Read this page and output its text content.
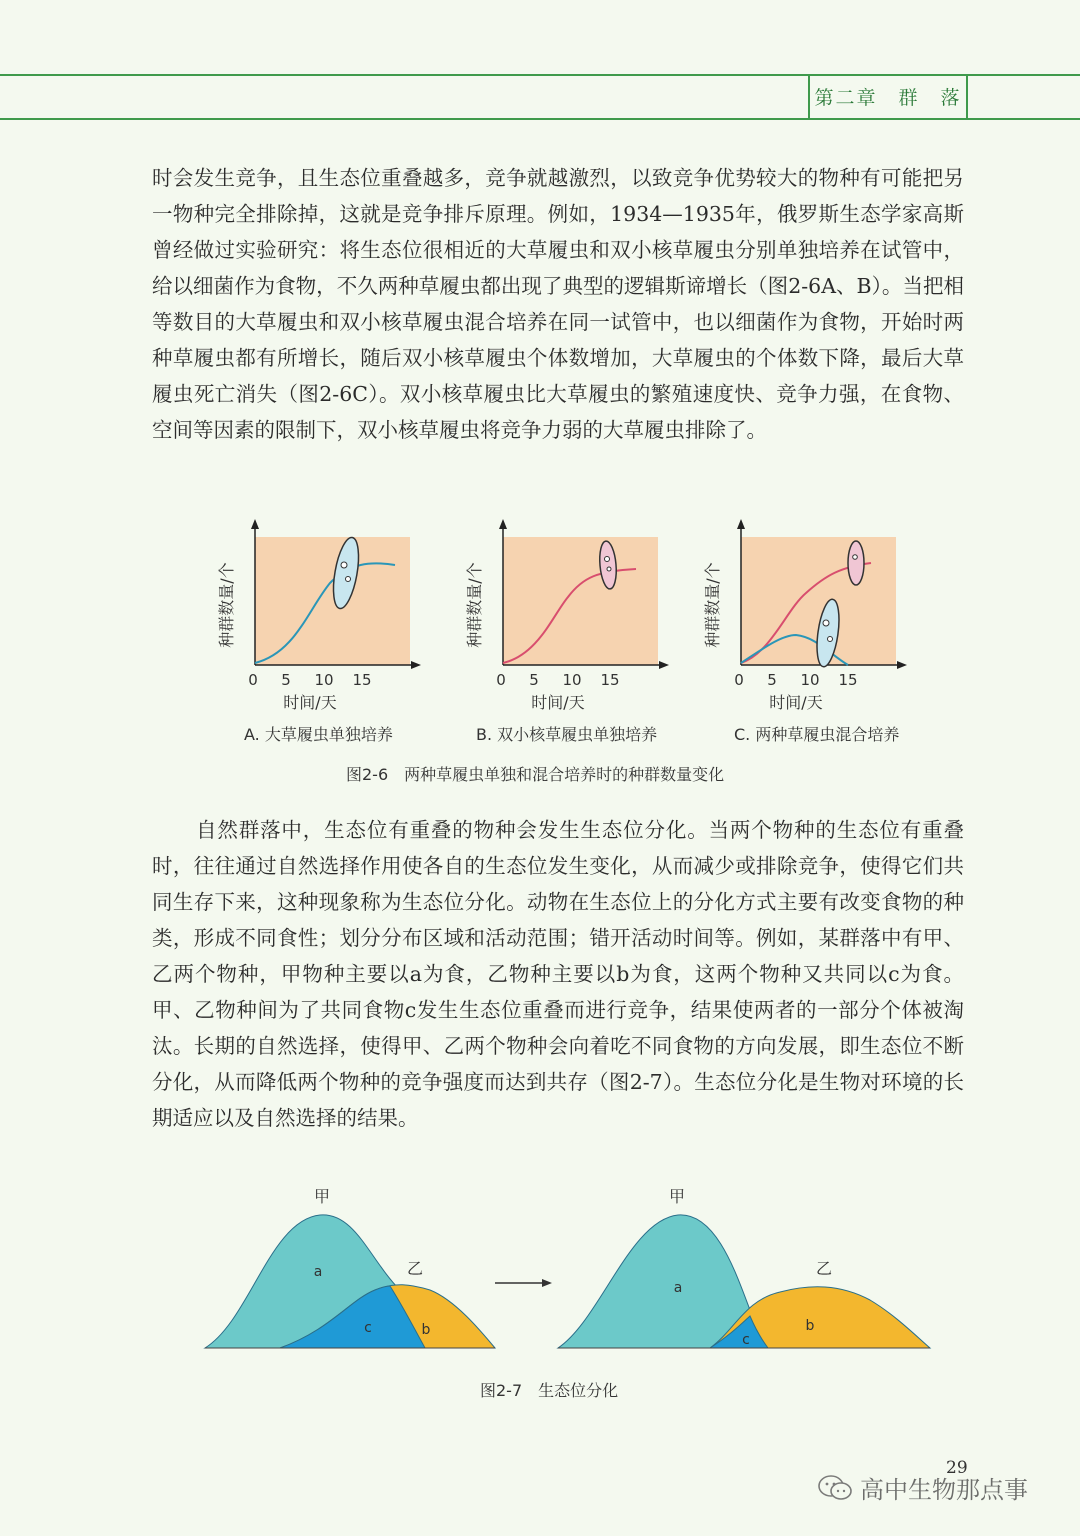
第二章　群　落
时会发生竞争，且生态位重叠越多，竞争就越激烈，以致竞争优势较大的物种有可能把另一物种完全排除掉，这就是竞争排斥原理。例如，1934—1935年，俄罗斯生态学家高斯曾经做过实验研究：将生态位很相近的大草履虫和双小核草履虫分别单独培养在试管中，给以细菌作为食物，不久两种草履虫都出现了典型的逻辑斯谛增长（图2-6A、B）。当把相等数目的大草履虫和双小核草履虫混合培养在同一试管中，也以细菌作为食物，开始时两种草履虫都有所增长，随后双小核草履虫个体数增加，大草履虫的个体数下降，最后大草履虫死亡消失（图2-6C）。双小核草履虫比大草履虫的繁殖速度快、竞争力强，在食物、空间等因素的限制下，双小核草履虫将竞争力弱的大草履虫排除了。
种群数量/个
0 5 10 15
时间/天
种群数量/个
0 5 10 15
时间/天
种群数量/个
0 5 10 15
时间/天
A. 大草履虫单独培养	B. 双小核草履虫单独培养	C. 两种草履虫混合培养
图2-6　两种草履虫单独和混合培养时的种群数量变化
自然群落中，生态位有重叠的物种会发生生态位分化。当两个物种的生态位有重叠时，往往通过自然选择作用使各自的生态位发生变化，从而减少或排除竞争，使得它们共同生存下来，这种现象称为生态位分化。动物在生态位上的分化方式主要有改变食物的种类，形成不同食性；划分分布区域和活动范围；错开活动时间等。例如，某群落中有甲、乙两个物种，甲物种主要以a为食，乙物种主要以b为食，这两个物种又共同以c为食。甲、乙物种间为了共同食物c发生生态位重叠而进行竞争，结果使两者的一部分个体被淘汰。长期的自然选择，使得甲、乙两个物种会向着吃不同食物的方向发展，即生态位不断分化，从而降低两个物种的竞争强度而达到共存（图2-7）。生态位分化是生物对环境的长期适应以及自然选择的结果。
甲
乙
a
c	b
甲
乙
a
c
b
图2-7　生态位分化
29
高中生物那点事
